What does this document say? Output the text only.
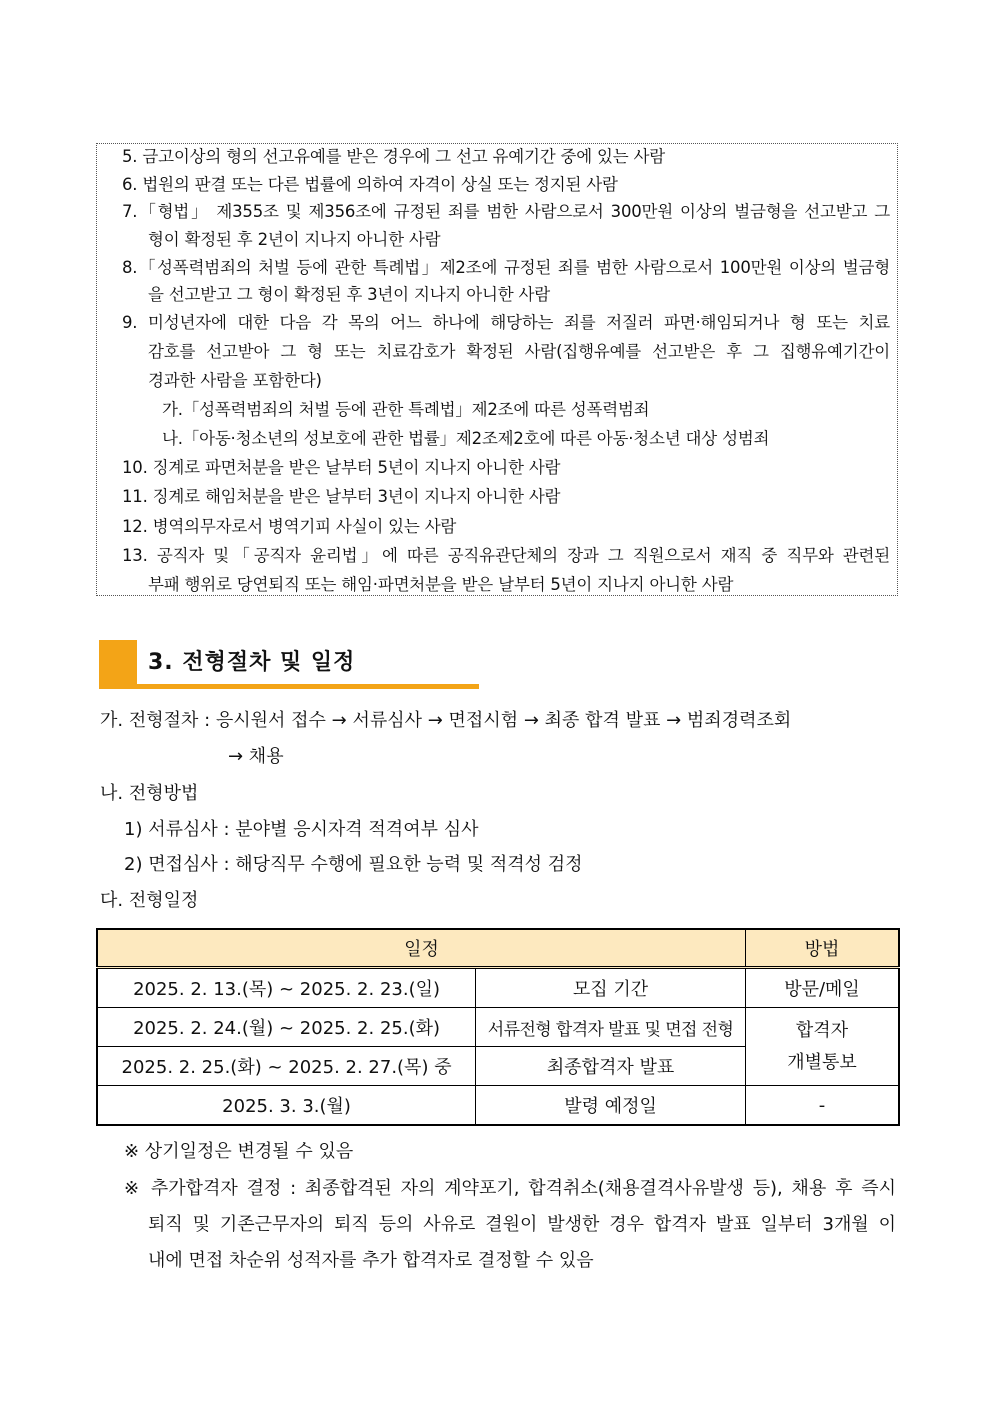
5. 금고이상의 형의 선고유예를 받은 경우에 그 선고 유예기간 중에 있는 사람
6. 법원의 판결 또는 다른 법률에 의하여 자격이 상실 또는 정지된 사람
7.「형법」 제355조 및 제356조에 규정된 죄를 범한 사람으로서 300만원 이상의 벌금형을 선고받고 그
형이 확정된 후 2년이 지나지 아니한 사람
8.「성폭력범죄의 처벌 등에 관한 특례법」제2조에 규정된 죄를 범한 사람으로서 100만원 이상의 벌금형
을 선고받고 그 형이 확정된 후 3년이 지나지 아니한 사람
9. 미성년자에 대한 다음 각 목의 어느 하나에 해당하는 죄를 저질러 파면·해임되거나 형 또는 치료
감호를 선고받아 그 형 또는 치료감호가 확정된 사람(집행유예를 선고받은 후 그 집행유예기간이
경과한 사람을 포함한다)
가.「성폭력범죄의 처벌 등에 관한 특례법」제2조에 따른 성폭력범죄
나.「아동·청소년의 성보호에 관한 법률」제2조제2호에 따른 아동·청소년 대상 성범죄
10. 징계로 파면처분을 받은 날부터 5년이 지나지 아니한 사람
11. 징계로 해임처분을 받은 날부터 3년이 지나지 아니한 사람
12. 병역의무자로서 병역기피 사실이 있는 사람
13. 공직자 및「공직자 윤리법」에 따른 공직유관단체의 장과 그 직원으로서 재직 중 직무와 관련된
부패 행위로 당연퇴직 또는 해임·파면처분을 받은 날부터 5년이 지나지 아니한 사람
3. 전형절차 및 일정
가. 전형절차 : 응시원서 접수 → 서류심사 → 면접시험 → 최종 합격 발표 → 범죄경력조회
→ 채용
나. 전형방법
1) 서류심사 : 분야별 응시자격 적격여부 심사
2) 면접심사 : 해당직무 수행에 필요한 능력 및 적격성 검정
다. 전형일정
일정		방법
2025. 2. 13.(목) ~ 2025. 2. 23.(일)	모집 기간	방문/메일
2025. 2. 24.(월) ~ 2025. 2. 25.(화)	서류전형 합격자 발표 및 면접 전형	합격자
개별통보

2025. 2. 25.(화) ~ 2025. 2. 27.(목) 중	최종합격자 발표	
2025. 3. 3.(월)	발령 예정일	-
※ 상기일정은 변경될 수 있음
※ 추가합격자 결정 : 최종합격된 자의 계약포기, 합격취소(채용결격사유발생 등), 채용 후 즉시
퇴직 및 기존근무자의 퇴직 등의 사유로 결원이 발생한 경우 합격자 발표 일부터 3개월 이
내에 면접 차순위 성적자를 추가 합격자로 결정할 수 있음
